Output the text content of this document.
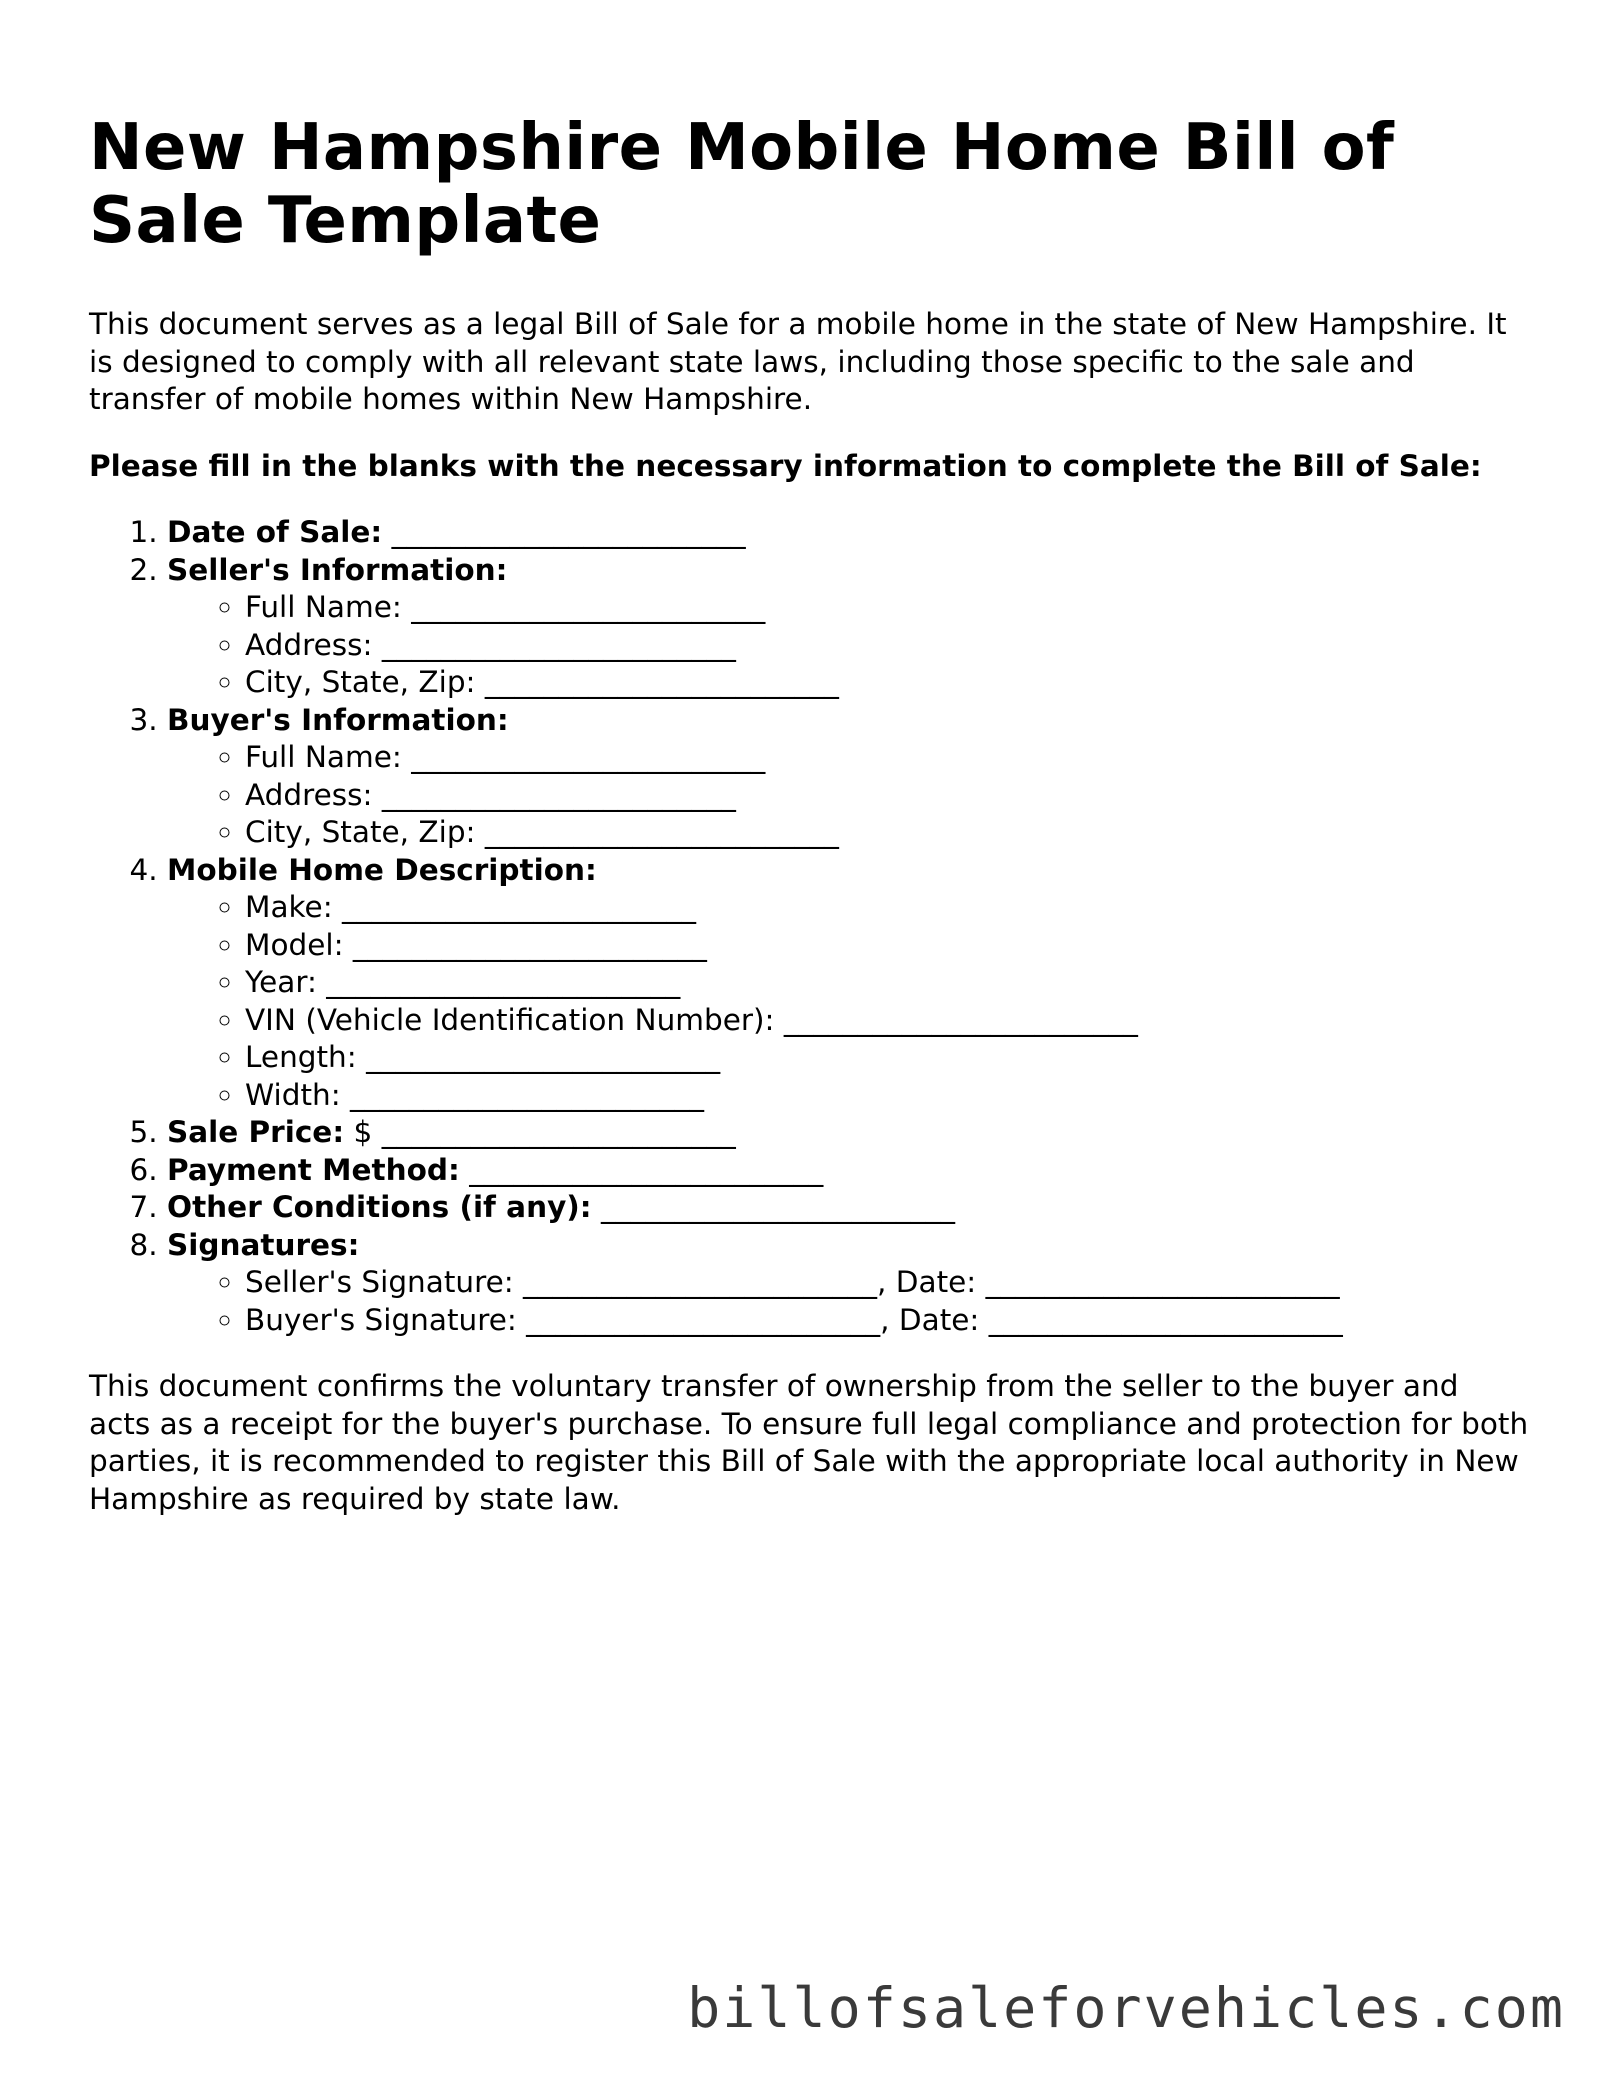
New Hampshire Mobile Home Bill of Sale Template

This document serves as a legal Bill of Sale for a mobile home in the state of New Hampshire. It is designed to comply with all relevant state laws, including those specific to the sale and transfer of mobile homes within New Hampshire.

Please fill in the blanks with the necessary information to complete the Bill of Sale:

1. Date of Sale: ________________________
2. Seller's Information:
◦ Full Name: ________________________
◦ Address: ________________________
◦ City, State, Zip: ________________________
3. Buyer's Information:
◦ Full Name: ________________________
◦ Address: ________________________
◦ City, State, Zip: ________________________
4. Mobile Home Description:
◦ Make: ________________________
◦ Model: ________________________
◦ Year: ________________________
◦ VIN (Vehicle Identification Number): ________________________
◦ Length: ________________________
◦ Width: ________________________
5. Sale Price: $ ________________________
6. Payment Method: ________________________
7. Other Conditions (if any): ________________________
8. Signatures:
◦ Seller's Signature: ________________________, Date: ________________________
◦ Buyer's Signature: ________________________, Date: ________________________

This document confirms the voluntary transfer of ownership from the seller to the buyer and acts as a receipt for the buyer's purchase. To ensure full legal compliance and protection for both parties, it is recommended to register this Bill of Sale with the appropriate local authority in New Hampshire as required by state law.

billofsaleforvehicles.com
